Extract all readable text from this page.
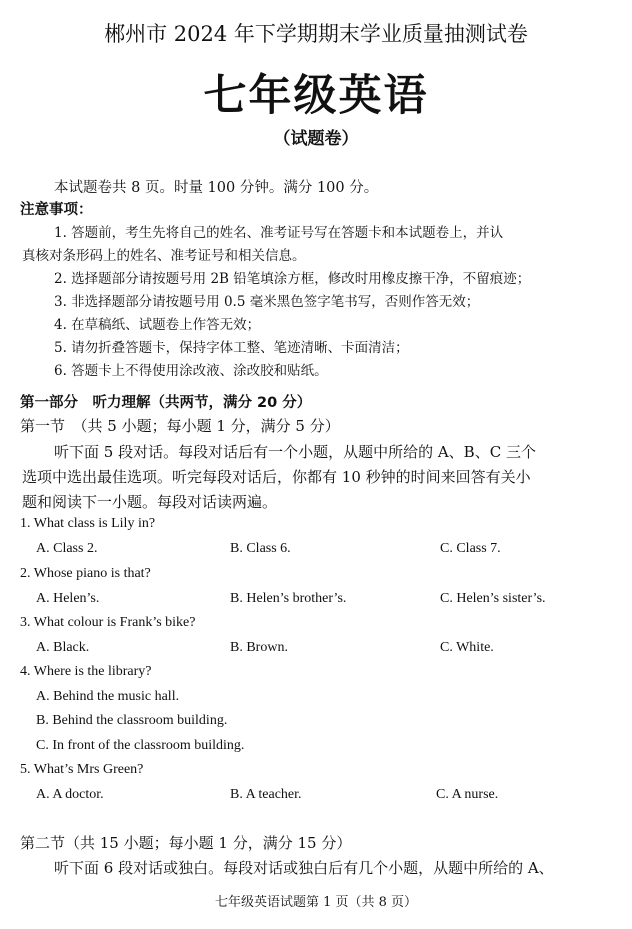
郴州市 2024 年下学期期末学业质量抽测试卷
七年级英语
（试题卷）
本试题卷共 8 页。时量 100 分钟。满分 100 分。
注意事项：
1. 答题前，考生先将自己的姓名、准考证号写在答题卡和本试题卷上，并认
真核对条形码上的姓名、准考证号和相关信息。
2. 选择题部分请按题号用 2B 铅笔填涂方框，修改时用橡皮擦干净，不留痕迹；
3. 非选择题部分请按题号用 0.5 毫米黑色签字笔书写，否则作答无效；
4. 在草稿纸、试题卷上作答无效；
5. 请勿折叠答题卡，保持字体工整、笔迹清晰、卡面清洁；
6. 答题卡上不得使用涂改液、涂改胶和贴纸。
第一部分　听力理解（共两节，满分 20 分）
第一节　（共 5 小题；每小题 1 分，满分 5 分）
听下面 5 段对话。每段对话后有一个小题，从题中所给的 A、B、C 三个
选项中选出最佳选项。听完每段对话后，你都有 10 秒钟的时间来回答有关小
题和阅读下一小题。每段对话读两遍。
1. What class is Lily in?
A. Class 2.	B. Class 6.	C. Class 7.
2. Whose piano is that?
A. Helen’s.	B. Helen’s brother’s.	C. Helen’s sister’s.
3. What colour is Frank’s bike?
A. Black.	B. Brown.	C. White.
4. Where is the library?
A. Behind the music hall.
B. Behind the classroom building.
C. In front of the classroom building.
5. What’s Mrs Green?
A. A doctor.	B. A teacher.	C. A nurse.
第二节（共 15 小题；每小题 1 分，满分 15 分）
听下面 6 段对话或独白。每段对话或独白后有几个小题，从题中所给的 A、
七年级英语试题第 1 页（共 8 页）
